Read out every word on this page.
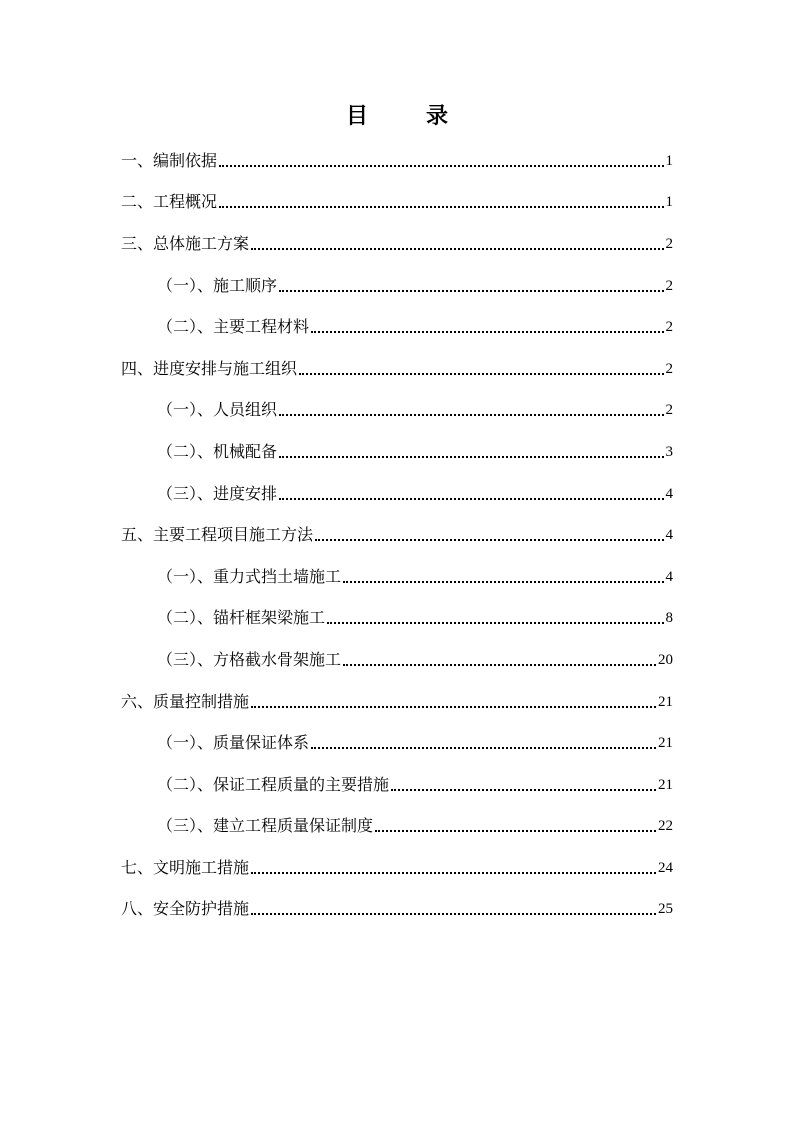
目　录
一、编制依据	1
二、工程概况	1
三、总体施工方案	2
（一）、施工顺序	2
（二）、主要工程材料	2
四、进度安排与施工组织	2
（一）、人员组织	2
（二）、机械配备	3
（三）、进度安排	4
五、主要工程项目施工方法	4
（一）、重力式挡土墙施工	4
（二）、锚杆框架梁施工	8
（三）、方格截水骨架施工	20
六、质量控制措施	21
（一）、质量保证体系	21
（二）、保证工程质量的主要措施	21
（三）、建立工程质量保证制度	22
七、文明施工措施	24
八、安全防护措施	25
